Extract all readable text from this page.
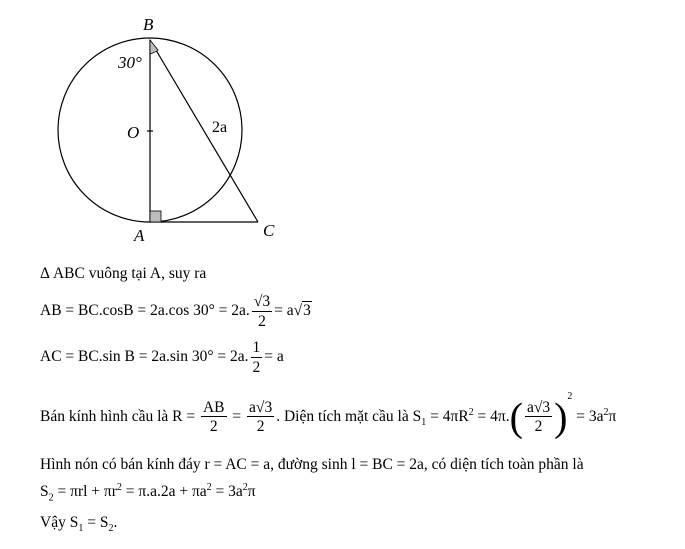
B
A	C
O
30°
2a
Δ ABC vuông tại A, suy ra
AB = BC.cosB = 2a.cos 30° = 2a. $\frac{√3}{2} = a√3$
AC = BC.sin B = 2a.sin 30° = 2a. $\frac{1}{2} = a$
Bán kính hình cầu là $R = \frac{AB}{2} = \frac{a√3}{2}$ . Diện tích mặt cầu là $S_1 = 4\pi R^2 = 4\pi.( \frac{a√3}{2} )^2 = 3a^2\pi$
Hình nón có bán kính đáy r = AC = a, đường sinh l = BC = 2a, có diện tích toàn phần là
$S_2 = \pi rl + \pi r^2 = \pi.a.2a + \pi a^2 = 3a^2\pi$
Vậy $S_1 = S_2$.
